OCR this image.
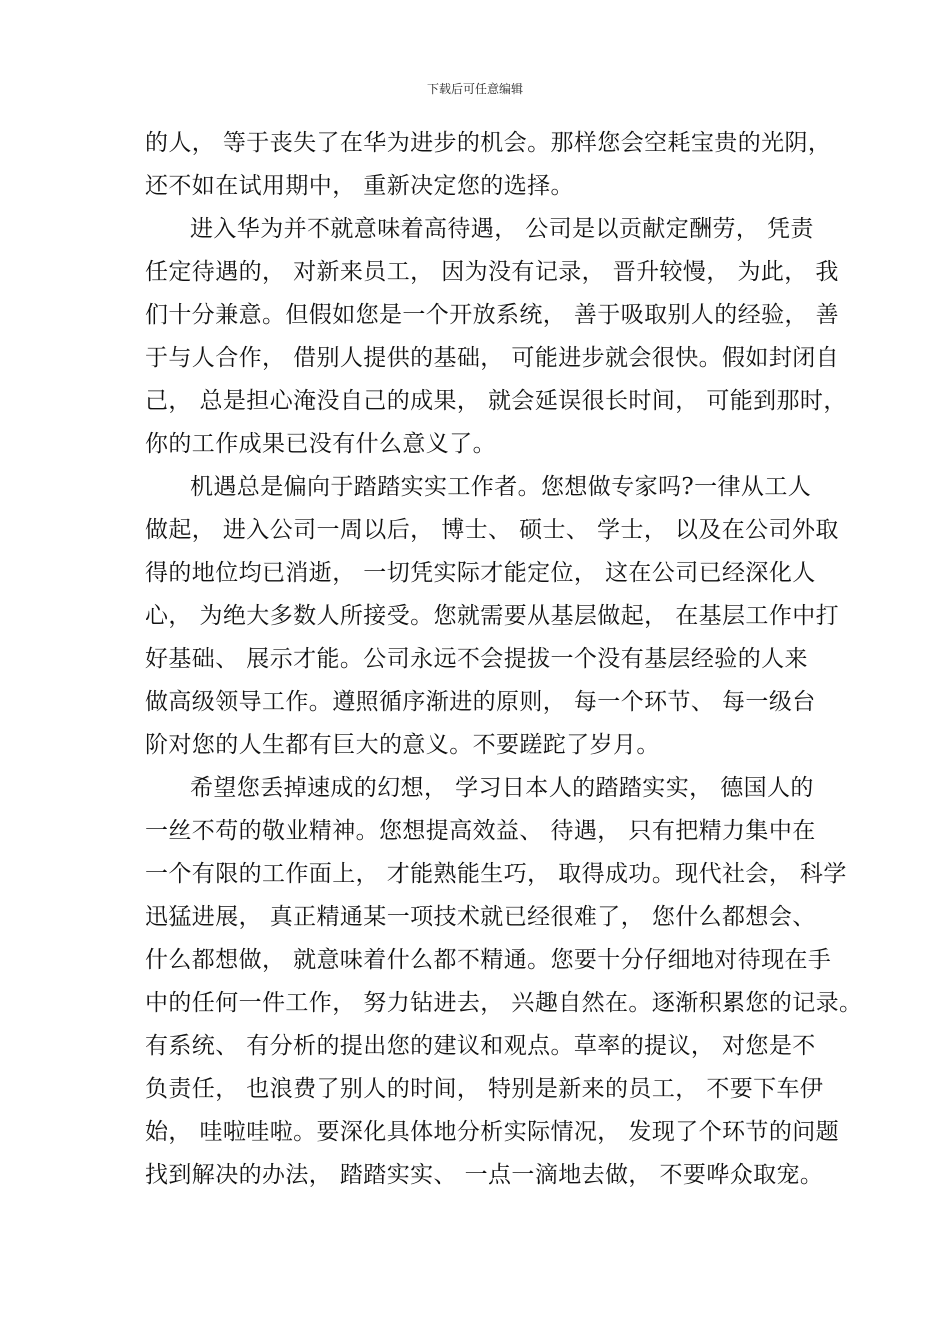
下载后可任意编辑
的人， 等于丧失了在华为进步的机会。那样您会空耗宝贵的光阴，
还不如在试用期中， 重新决定您的选择。
进入华为并不就意味着高待遇， 公司是以贡献定酬劳， 凭责
任定待遇的， 对新来员工， 因为没有记录， 晋升较慢， 为此， 我
们十分兼意。但假如您是一个开放系统， 善于吸取别人的经验， 善
于与人合作， 借别人提供的基础， 可能进步就会很快。假如封闭自
己， 总是担心淹没自己的成果， 就会延误很长时间， 可能到那时，
你的工作成果已没有什么意义了。
机遇总是偏向于踏踏实实工作者。您想做专家吗?一律从工人
做起， 进入公司一周以后， 博士、 硕士、 学士， 以及在公司外取
得的地位均已消逝， 一切凭实际才能定位， 这在公司已经深化人
心， 为绝大多数人所接受。您就需要从基层做起， 在基层工作中打
好基础、 展示才能。公司永远不会提拔一个没有基层经验的人来
做高级领导工作。遵照循序渐进的原则， 每一个环节、 每一级台
阶对您的人生都有巨大的意义。不要蹉跎了岁月。
希望您丢掉速成的幻想， 学习日本人的踏踏实实， 德国人的
一丝不苟的敬业精神。您想提高效益、 待遇， 只有把精力集中在
一个有限的工作面上， 才能熟能生巧， 取得成功。现代社会， 科学
迅猛进展， 真正精通某一项技术就已经很难了， 您什么都想会、
什么都想做， 就意味着什么都不精通。您要十分仔细地对待现在手
中的任何一件工作， 努力钻进去， 兴趣自然在。逐渐积累您的记录。
有系统、 有分析的提出您的建议和观点。草率的提议， 对您是不
负责任， 也浪费了别人的时间， 特别是新来的员工， 不要下车伊
始， 哇啦哇啦。要深化具体地分析实际情况， 发现了个环节的问题
找到解决的办法， 踏踏实实、 一点一滴地去做， 不要哗众取宠。
